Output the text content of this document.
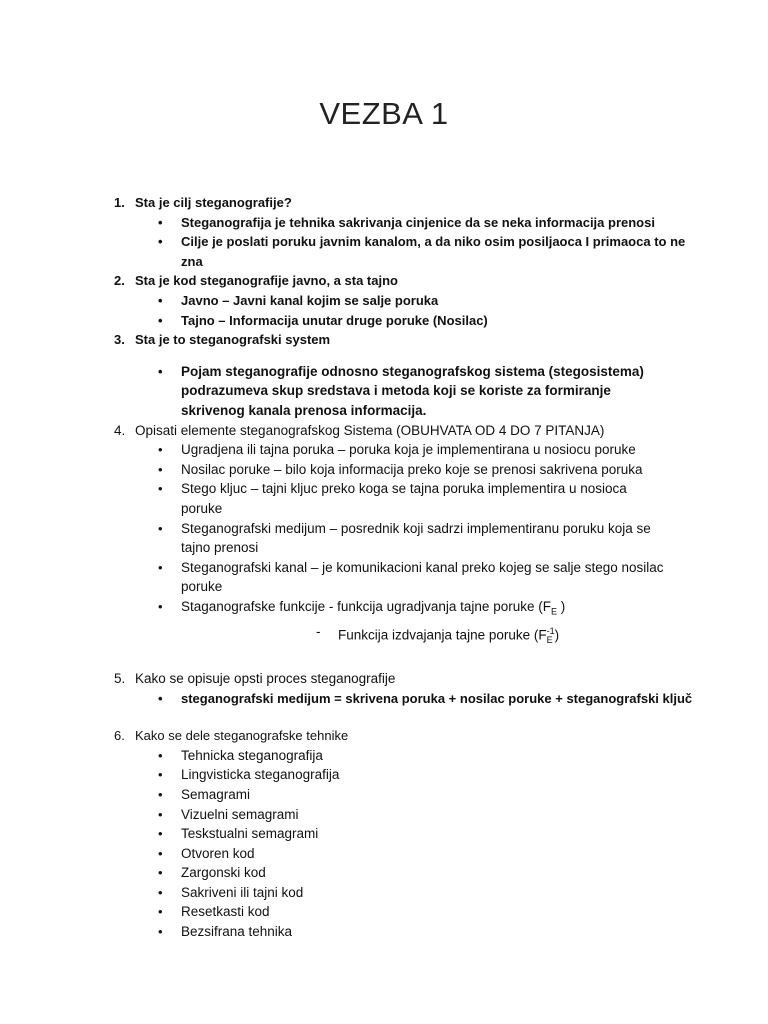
VEZBA 1
1. Sta je cilj steganografije?
• Steganografija je tehnika sakrivanja cinjenice da se neka informacija prenosi
• Cilje je poslati poruku javnim kanalom, a da niko osim posiljaoca I primaoca to ne zna
2. Sta je kod steganografije javno, a sta tajno
• Javno – Javni kanal kojim se salje poruka
• Tajno – Informacija unutar druge poruke (Nosilac)
3. Sta je to steganografski system
• Pojam steganografije odnosno steganografskog sistema (stegosistema) podrazumeva skup sredstava i metoda koji se koriste za formiranje skrivenog kanala prenosa informacija.
4. Opisati elemente steganografskog Sistema (OBUHVATA OD 4 DO 7 PITANJA)
• Ugradjena ili tajna poruka – poruka koja je implementirana u nosiocu poruke
• Nosilac poruke – bilo koja informacija preko koje se prenosi sakrivena poruka
• Stego kljuc – tajni kljuc preko koga se tajna poruka implementira u nosioca poruke
• Steganografski medijum – posrednik koji sadrzi implementiranu poruku koja se tajno prenosi
• Steganografski kanal – je komunikacioni kanal preko kojeg se salje stego nosilac poruke
• Staganografske funkcije - funkcija ugradjvanja tajne poruke ($F_E$ )
- Funkcija izdvajanja tajne poruke $(F_E^{-1})$
5. Kako se opisuje opsti proces steganografije
• steganografski medijum = skrivena poruka + nosilac poruke + steganografski ključ
6. Kako se dele steganografske tehnike
• Tehnicka steganografija
• Lingvisticka steganografija
• Semagrami
• Vizuelni semagrami
• Teskstualni semagrami
• Otvoren kod
• Zargonski kod
• Sakriveni ili tajni kod
• Resetkasti kod
• Bezsifrana tehnika
